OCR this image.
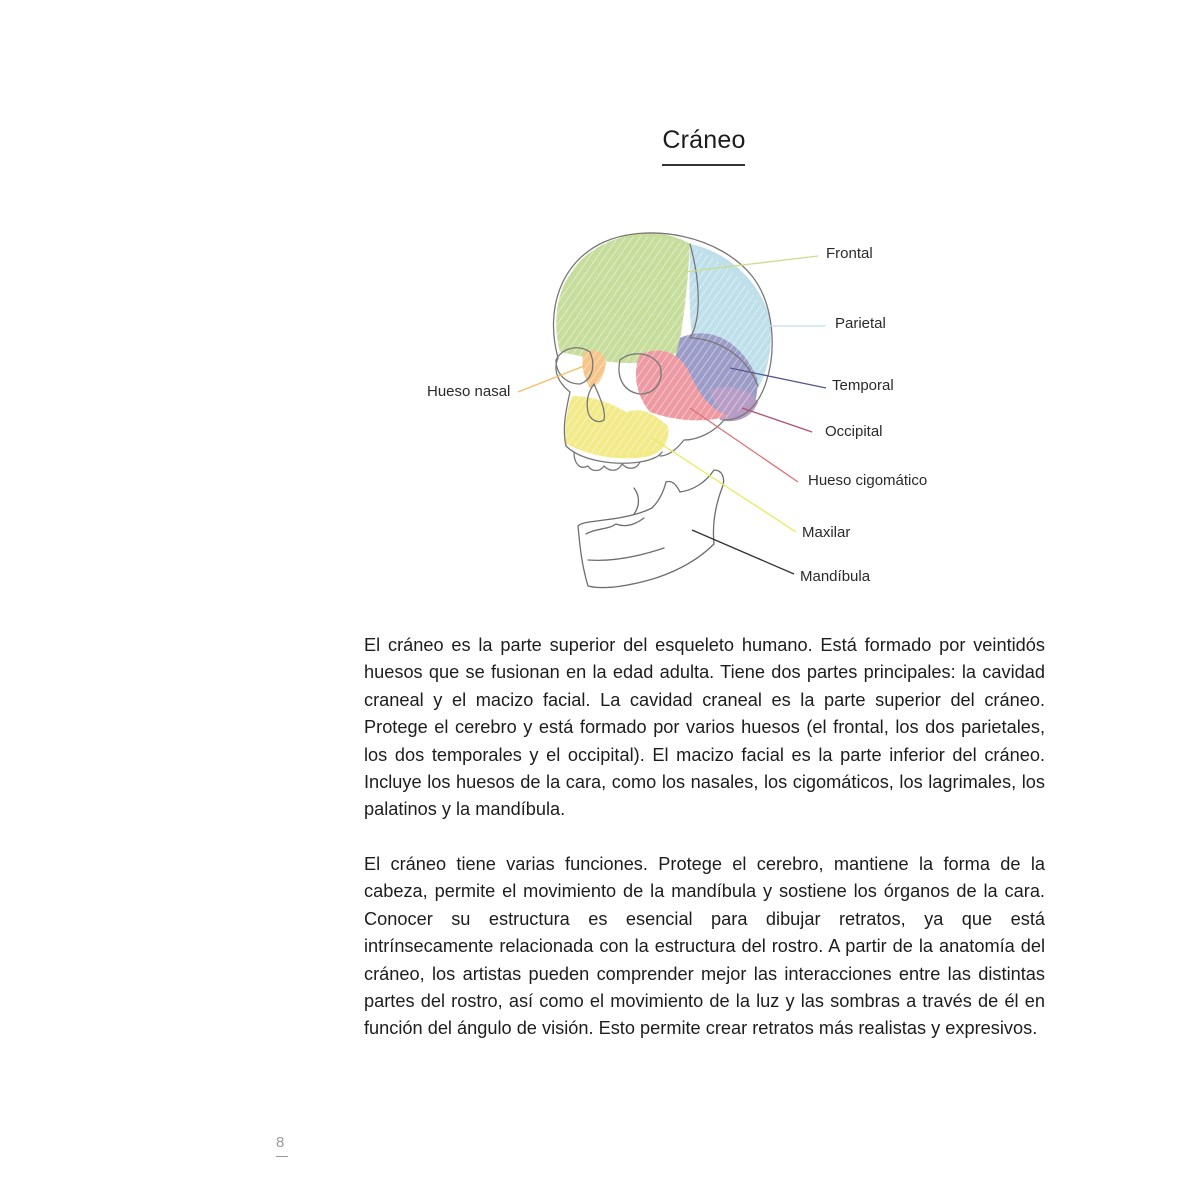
Cráneo
Frontal
Parietal
Temporal
Occipital
Hueso cigomático
Maxilar
Mandíbula
Hueso nasal

El cráneo es la parte superior del esqueleto humano. Está formado por veintidós huesos que se fusionan en la edad adulta. Tiene dos partes principales: la cavidad craneal y el macizo facial. La cavidad craneal es la parte superior del cráneo. Protege el cerebro y está formado por varios huesos (el frontal, los dos parietales, los dos temporales y el occipital). El macizo facial es la parte inferior del cráneo. Incluye los huesos de la cara, como los nasales, los cigomáticos, los lagrimales, los palatinos y la mandíbula.

El cráneo tiene varias funciones. Protege el cerebro, mantiene la forma de la cabeza, permite el movimiento de la mandíbula y sostiene los órganos de la cara. Conocer su estructura es esencial para dibujar retratos, ya que está intrínsecamente relacionada con la estructura del rostro. A partir de la anatomía del cráneo, los artistas pueden comprender mejor las interacciones entre las distintas partes del rostro, así como el movimiento de la luz y las sombras a través de él en función del ángulo de visión. Esto permite crear retratos más realistas y expresivos.

8
